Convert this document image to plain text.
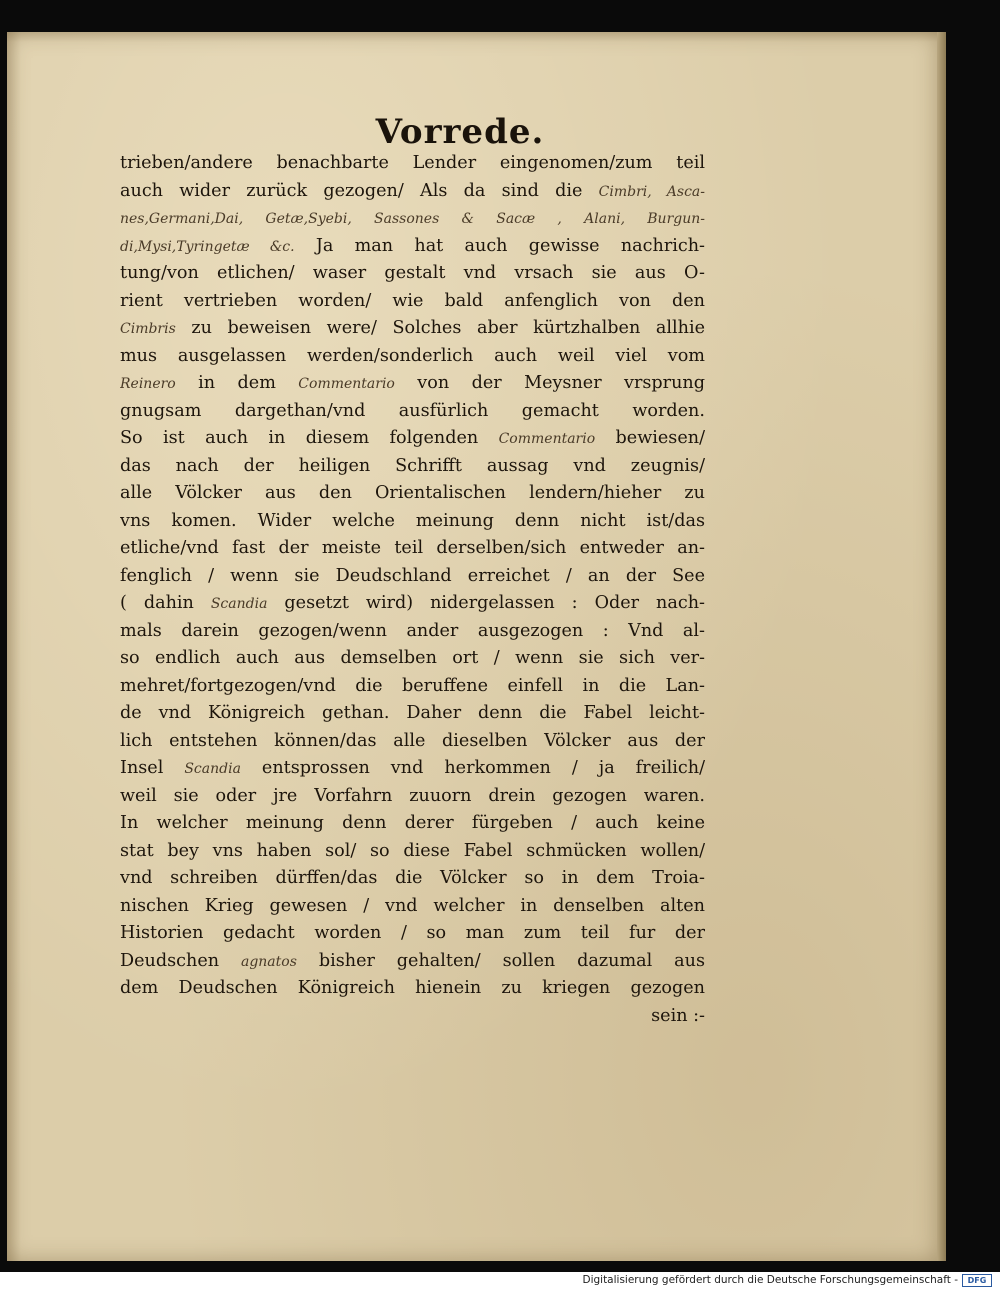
Vorrede.
trieben/andere benachbarte Lender eingenomen/zum teil
auch wider zurück gezogen/ Als da sind die Cimbri, Asca-
nes,Germani,Dai, Getæ,Syebi, Sassones & Sacæ , Alani, Burgun-
di,Mysi,Tyringetæ &c. Ja man hat auch gewisse nachrich-
tung/von etlichen/ waser gestalt vnd vrsach sie aus O-
rient vertrieben worden/ wie bald anfenglich von den
Cimbris zu beweisen were/ Solches aber kürtzhalben allhie
mus ausgelassen werden/sonderlich auch weil viel vom
Reinero in dem Commentario von der Meysner vrsprung
gnugsam dargethan/vnd ausfürlich gemacht worden.
So ist auch in diesem folgenden Commentario bewiesen/
das nach der heiligen Schrifft aussag vnd zeugnis/
alle Völcker aus den Orientalischen lendern/hieher zu
vns komen. Wider welche meinung denn nicht ist/das
etliche/vnd fast der meiste teil derselben/sich entweder an-
fenglich / wenn sie Deudschland erreichet / an der See
( dahin Scandia gesetzt wird) nidergelassen : Oder nach-
mals darein gezogen/wenn ander ausgezogen : Vnd al-
so endlich auch aus demselben ort / wenn sie sich ver-
mehret/fortgezogen/vnd die beruffene einfell in die Lan-
de vnd Königreich gethan. Daher denn die Fabel leicht-
lich entstehen können/das alle dieselben Völcker aus der
Insel Scandia entsprossen vnd herkommen / ja freilich/
weil sie oder jre Vorfahrn zuuorn drein gezogen waren.
In welcher meinung denn derer fürgeben / auch keine
stat bey vns haben sol/ so diese Fabel schmücken wollen/
vnd schreiben dürffen/das die Völcker so in dem Troia-
nischen Krieg gewesen / vnd welcher in denselben alten
Historien gedacht worden / so man zum teil fur der
Deudschen agnatos bisher gehalten/ sollen dazumal aus
dem Deudschen Königreich hienein zu kriegen gezogen
sein :-
Digitalisierung gefördert durch die Deutsche Forschungsgemeinschaft -	DFG
